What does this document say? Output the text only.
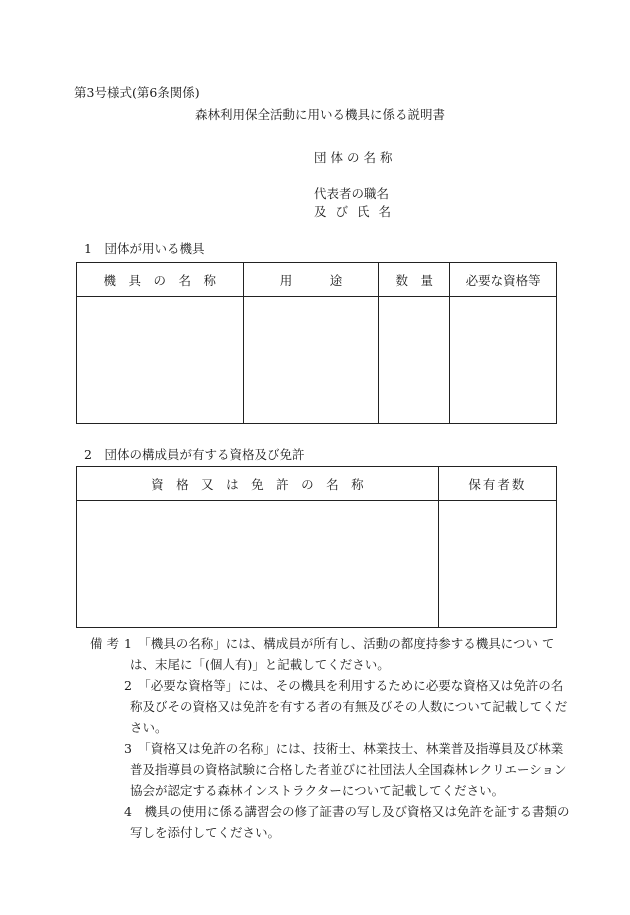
第3号様式(第6条関係)
森林利用保全活動に用いる機具に係る説明書
団体の名称
代表者の職名
及び氏名
1　団体が用いる機具
機　具　の　名　称	用　　　途	数　量	必要な資格等

2　団体の構成員が有する資格及び免許
資　格　又　は　免　許　の　名　称	保有者数

備考 1　「機具の名称」には、構成員が所有し、活動の都度持参する機具につい て
は、末尾に「(個人有)」と記載してください。
2　「必要な資格等」には、その機具を利用するために必要な資格又は免許の名
称及びその資格又は免許を有する者の有無及びその人数について記載してくだ
さい。
3　「資格又は免許の名称」には、技術士、林業技士、林業普及指導員及び林業
普及指導員の資格試験に合格した者並びに社団法人全国森林レクリエーション
協会が認定する森林インストラクターについて記載してください。
4　機具の使用に係る講習会の修了証書の写し及び資格又は免許を証する書類の
写しを添付してください。
